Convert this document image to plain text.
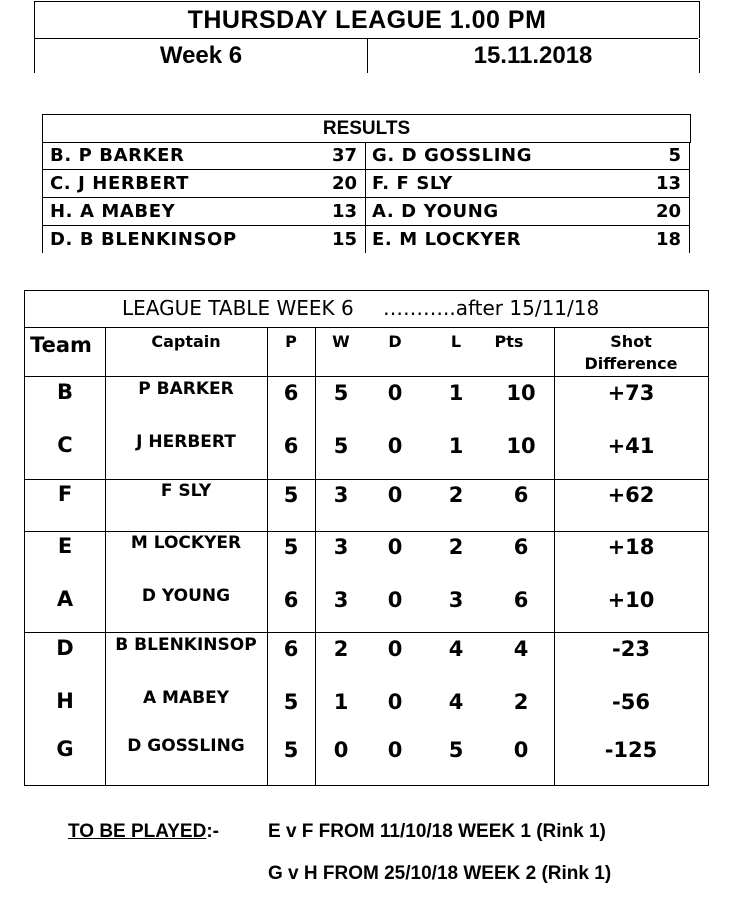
THURSDAY LEAGUE 1.00 PM
Week 6	15.11.2018
RESULTS
B. P BARKER	37 G. D GOSSLING	5
C. J HERBERT	20 F. F SLY	13
H. A MABEY	13 A. D YOUNG	20
D. B BLENKINSOP	15 E. M LOCKYER	18
LEAGUE TABLE WEEK 6 ………..after 15/11/18
Team	Captain	P	W	D	L	Pts	Shot
Difference
B	P BARKER	6	5	0	1	10	+73
C	J HERBERT	6	5	0	1	10	+41
F	F SLY	5	3	0	2	6	+62
E	M LOCKYER	5	3	0	2	6	+18
A	D YOUNG	6	3	0	3	6	+10
D	B BLENKINSOP	6	2	0	4	4	-23
H	A MABEY	5	1	0	4	2	-56
G	D GOSSLING	5	0	0	5	0	-125
TO BE PLAYED:-	E v F FROM 11/10/18 WEEK 1 (Rink 1)
G v H FROM 25/10/18 WEEK 2 (Rink 1)
